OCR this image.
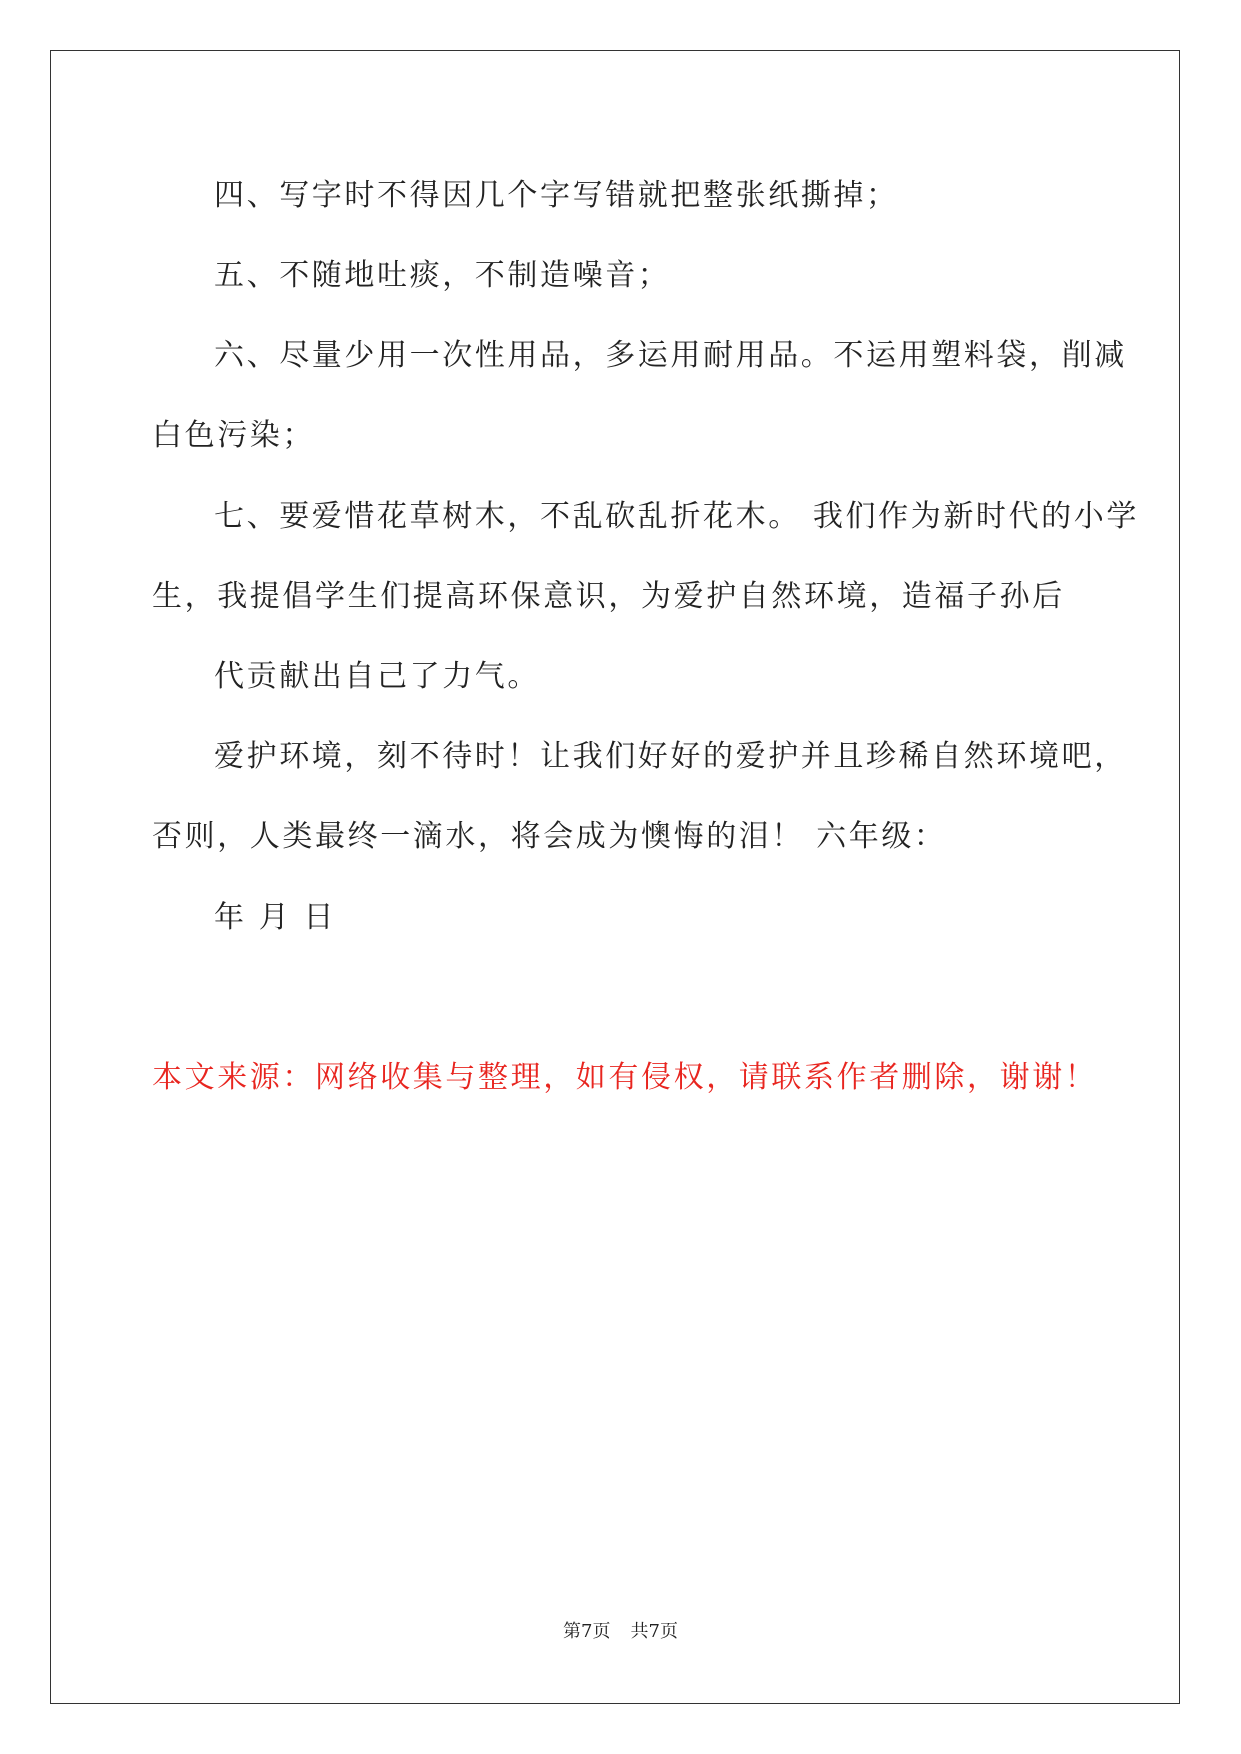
四、写字时不得因几个字写错就把整张纸撕掉；
五、不随地吐痰，不制造噪音；
六、尽量少用一次性用品，多运用耐用品。不运用塑料袋，削减
白色污染；
七、要爱惜花草树木，不乱砍乱折花木。 我们作为新时代的小学
生，我提倡学生们提高环保意识，为爱护自然环境，造福子孙后
代贡献出自己了力气。
爱护环境，刻不待时！让我们好好的爱护并且珍稀自然环境吧，
否则，人类最终一滴水，将会成为懊悔的泪！ 六年级：
年 月 日
本文来源：网络收集与整理，如有侵权，请联系作者删除，谢谢！
第7页 共7页
